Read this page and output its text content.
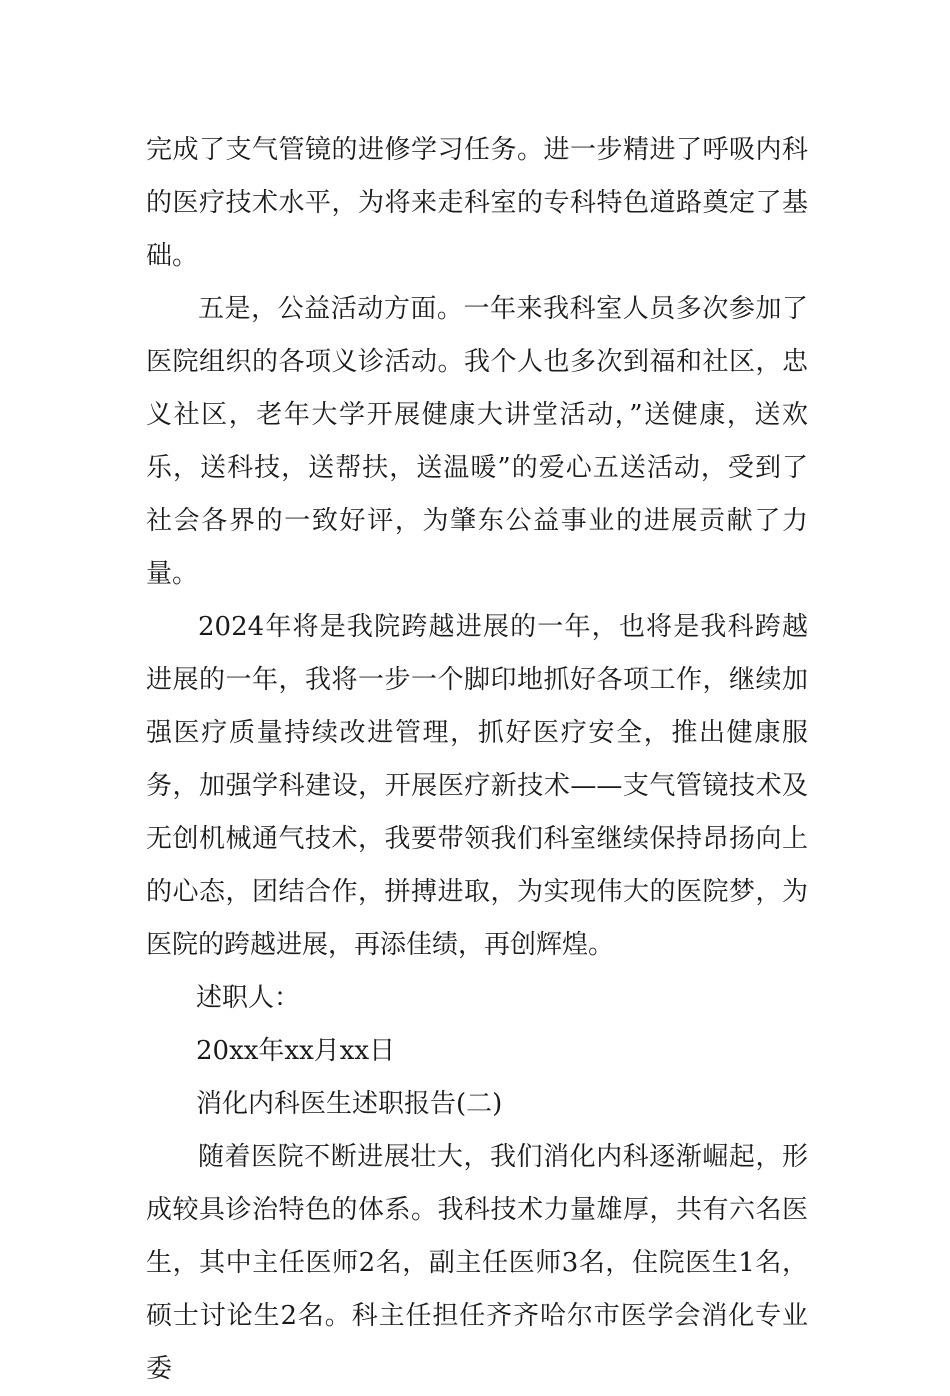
完成了支气管镜的进修学习任务。进一步精进了呼吸内科的医疗技术水平，为将来走科室的专科特色道路奠定了基础。

五是，公益活动方面。一年来我科室人员多次参加了医院组织的各项义诊活动。我个人也多次到福和社区，忠义社区，老年大学开展健康大讲堂活动，”送健康，送欢乐，送科技，送帮扶，送温暖”的爱心五送活动，受到了社会各界的一致好评，为肇东公益事业的进展贡献了力量。

2024年将是我院跨越进展的一年，也将是我科跨越进展的一年，我将一步一个脚印地抓好各项工作，继续加强医疗质量持续改进管理，抓好医疗安全，推出健康服务，加强学科建设，开展医疗新技术——支气管镜技术及无创机械通气技术，我要带领我们科室继续保持昂扬向上的心态，团结合作，拼搏进取，为实现伟大的医院梦，为医院的跨越进展，再添佳绩，再创辉煌。

述职人：

20xx年xx月xx日

消化内科医生述职报告(二)

随着医院不断进展壮大，我们消化内科逐渐崛起，形成较具诊治特色的体系。我科技术力量雄厚，共有六名医生，其中主任医师2名，副主任医师3名，住院医生1名，硕士讨论生2名。科主任担任齐齐哈尔市医学会消化专业委
